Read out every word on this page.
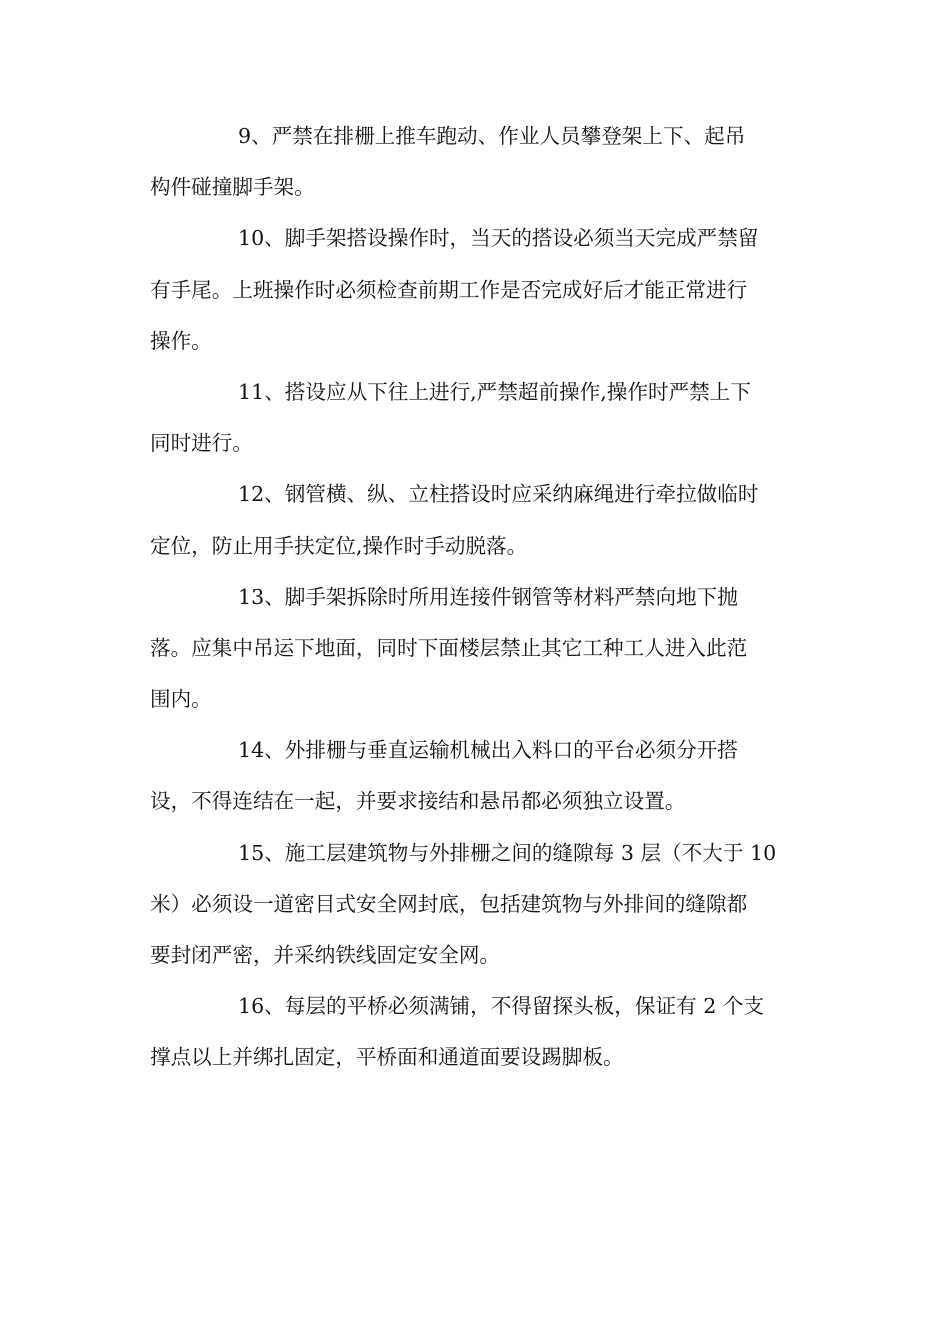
9、严禁在排栅上推车跑动、作业人员攀登架上下、起吊
构件碰撞脚手架。
10、脚手架搭设操作时，当天的搭设必须当天完成严禁留
有手尾。上班操作时必须检查前期工作是否完成好后才能正常进行
操作。
11、搭设应从下往上进行,严禁超前操作,操作时严禁上下
同时进行。
12、钢管横、纵、立柱搭设时应采纳麻绳进行牵拉做临时
定位，防止用手扶定位,操作时手动脱落。
13、脚手架拆除时所用连接件钢管等材料严禁向地下抛
落。应集中吊运下地面，同时下面楼层禁止其它工种工人进入此范
围内。
14、外排栅与垂直运输机械出入料口的平台必须分开搭
设，不得连结在一起，并要求接结和悬吊都必须独立设置。
15、施工层建筑物与外排栅之间的缝隙每 3 层（不大于 10
米）必须设一道密目式安全网封底，包括建筑物与外排间的缝隙都
要封闭严密，并采纳铁线固定安全网。
16、每层的平桥必须满铺，不得留探头板，保证有 2 个支
撑点以上并绑扎固定，平桥面和通道面要设踢脚板。
